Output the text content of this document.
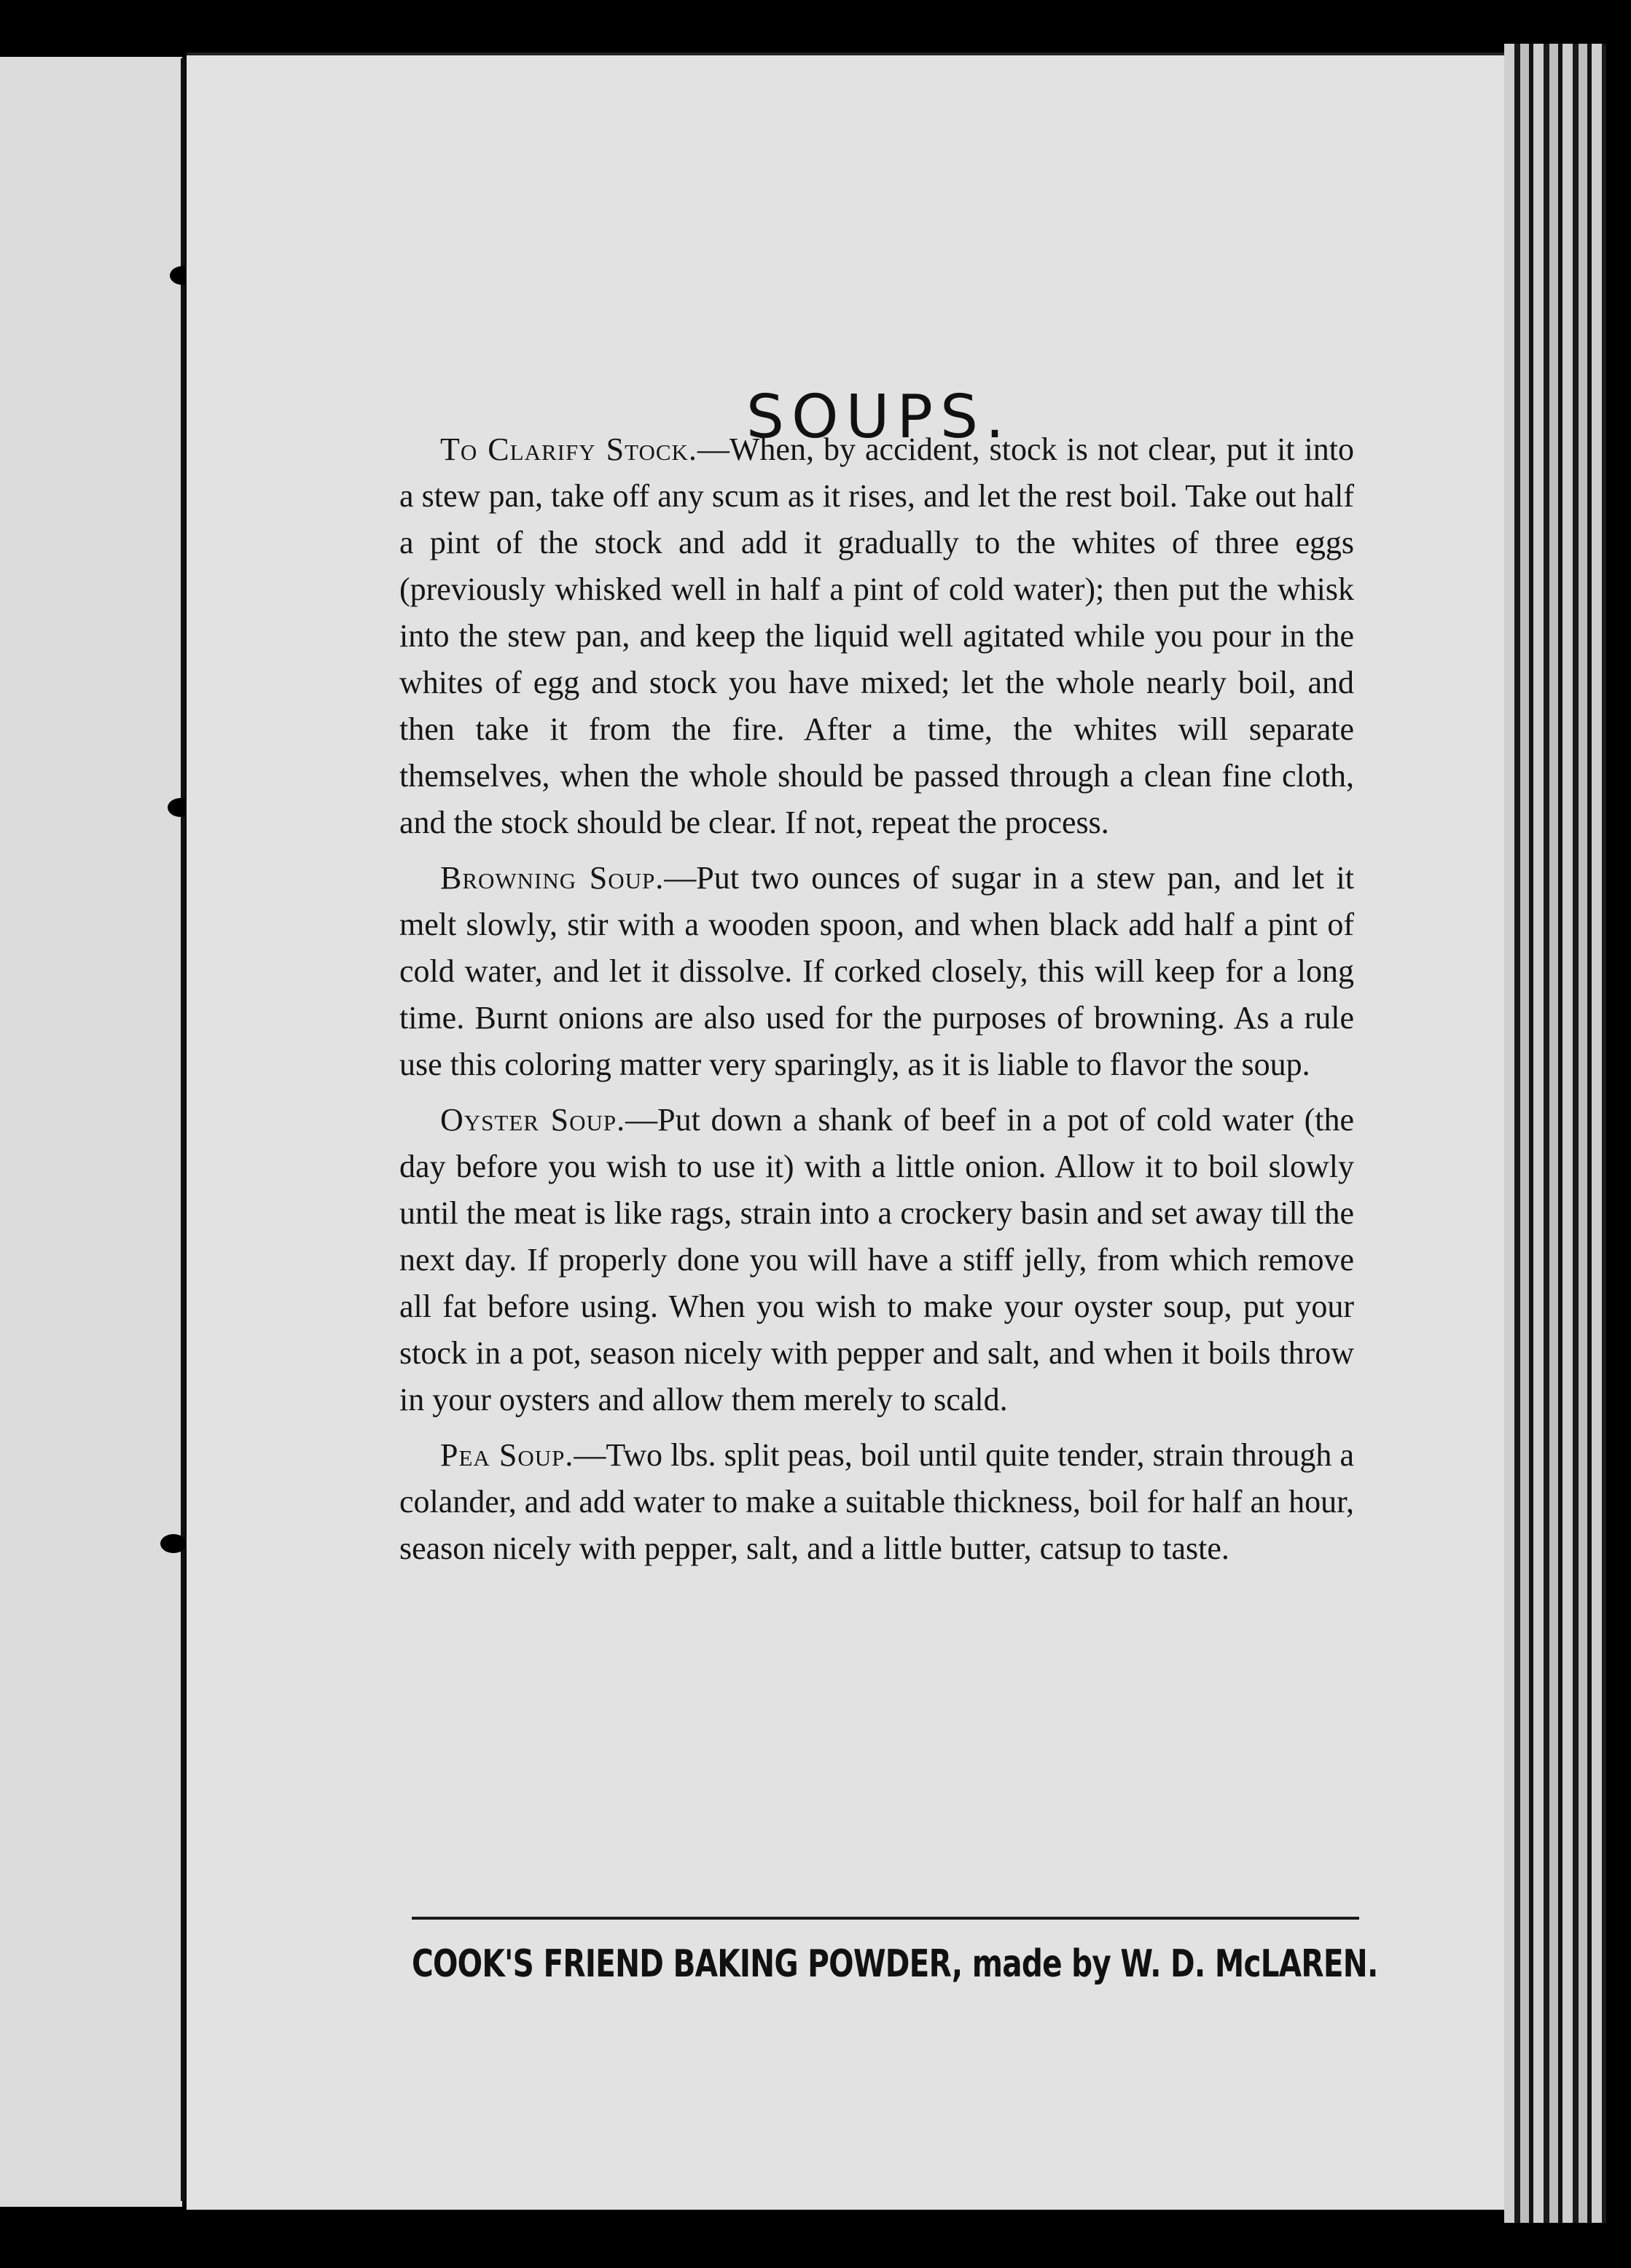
SOUPS.

To Clarify Stock.—When, by accident, stock is not clear, put it into a stew pan, take off any scum as it rises, and let the rest boil. Take out half a pint of the stock and add it gradually to the whites of three eggs (previously whisked well in half a pint of cold water); then put the whisk into the stew pan, and keep the liquid well agitated while you pour in the whites of egg and stock you have mixed; let the whole nearly boil, and then take it from the fire. After a time, the whites will separate themselves, when the whole should be passed through a clean fine cloth, and the stock should be clear. If not, repeat the process.

Browning Soup.—Put two ounces of sugar in a stew pan, and let it melt slowly, stir with a wooden spoon, and when black add half a pint of cold water, and let it dissolve. If corked closely, this will keep for a long time. Burnt onions are also used for the purposes of browning. As a rule use this coloring matter very sparingly, as it is liable to flavor the soup.

Oyster Soup.—Put down a shank of beef in a pot of cold water (the day before you wish to use it) with a little onion. Allow it to boil slowly until the meat is like rags, strain into a crockery basin and set away till the next day. If properly done you will have a stiff jelly, from which remove all fat before using. When you wish to make your oyster soup, put your stock in a pot, season nicely with pepper and salt, and when it boils throw in your oysters and allow them merely to scald.

Pea Soup.—Two lbs. split peas, boil until quite tender, strain through a colander, and add water to make a suitable thickness, boil for half an hour, season nicely with pepper, salt, and a little butter, catsup to taste.

COOK'S FRIEND BAKING POWDER, made by W. D. McLAREN.
